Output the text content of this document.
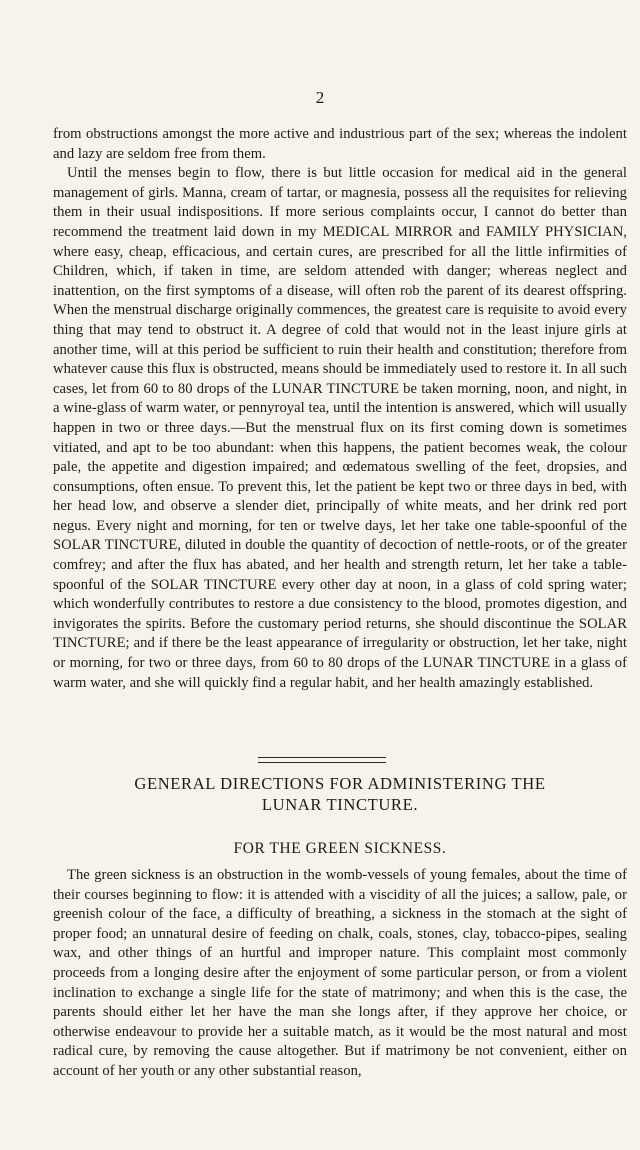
2

from obstructions amongst the more active and industrious part of the sex; whereas the indolent and lazy are seldom free from them.

Until the menses begin to flow, there is but little occasion for medical aid in the general management of girls. Manna, cream of tartar, or magnesia, possess all the requisites for relieving them in their usual indispositions. If more serious complaints occur, I cannot do better than recommend the treatment laid down in my MEDICAL MIRROR and FAMILY PHYSICIAN, where easy, cheap, efficacious, and certain cures, are prescribed for all the little infirmities of Children, which, if taken in time, are seldom attended with danger; whereas neglect and inattention, on the first symptoms of a disease, will often rob the parent of its dearest offspring. When the menstrual discharge originally commences, the greatest care is requisite to avoid every thing that may tend to obstruct it. A degree of cold that would not in the least injure girls at another time, will at this period be sufficient to ruin their health and constitution; therefore from whatever cause this flux is obstructed, means should be immediately used to restore it. In all such cases, let from 60 to 80 drops of the LUNAR TINCTURE be taken morning, noon, and night, in a wine-glass of warm water, or pennyroyal tea, until the intention is answered, which will usually happen in two or three days.—But the menstrual flux on its first coming down is sometimes vitiated, and apt to be too abundant: when this happens, the patient becomes weak, the colour pale, the appetite and digestion impaired; and œdematous swelling of the feet, dropsies, and consumptions, often ensue. To prevent this, let the patient be kept two or three days in bed, with her head low, and observe a slender diet, principally of white meats, and her drink red port negus. Every night and morning, for ten or twelve days, let her take one table-spoonful of the SOLAR TINCTURE, diluted in double the quantity of decoction of nettle-roots, or of the greater comfrey; and after the flux has abated, and her health and strength return, let her take a table-spoonful of the SOLAR TINCTURE every other day at noon, in a glass of cold spring water; which wonderfully contributes to restore a due consistency to the blood, promotes digestion, and invigorates the spirits. Before the customary period returns, she should discontinue the SOLAR TINCTURE; and if there be the least appearance of irregularity or obstruction, let her take, night or morning, for two or three days, from 60 to 80 drops of the LUNAR TINCTURE in a glass of warm water, and she will quickly find a regular habit, and her health amazingly established.

GENERAL DIRECTIONS FOR ADMINISTERING THE
LUNAR TINCTURE.
FOR THE GREEN SICKNESS.

The green sickness is an obstruction in the womb-vessels of young females, about the time of their courses beginning to flow: it is attended with a viscidity of all the juices; a sallow, pale, or greenish colour of the face, a difficulty of breathing, a sickness in the stomach at the sight of proper food; an unnatural desire of feeding on chalk, coals, stones, clay, tobacco-pipes, sealing wax, and other things of an hurtful and improper nature. This complaint most commonly proceeds from a longing desire after the enjoyment of some particular person, or from a violent inclination to exchange a single life for the state of matrimony; and when this is the case, the parents should either let her have the man she longs after, if they approve her choice, or otherwise endeavour to provide her a suitable match, as it would be the most natural and most radical cure, by removing the cause altogether. But if matrimony be not convenient, either on account of her youth or any other substantial reason,
